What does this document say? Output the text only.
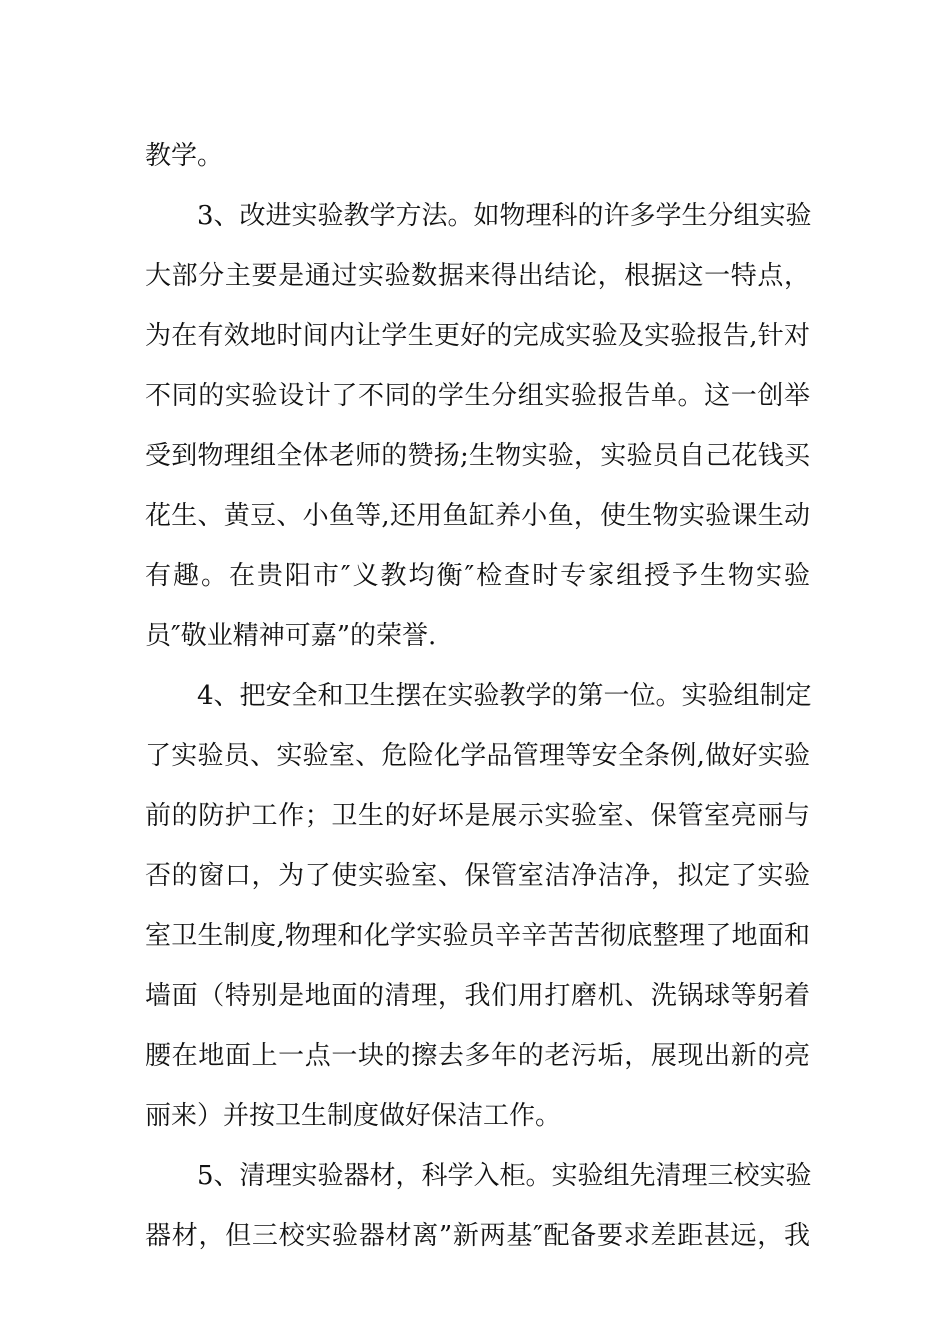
教学。
3、改进实验教学方法。如物理科的许多学生分组实验
大部分主要是通过实验数据来得出结论，根据这一特点，
为在有效地时间内让学生更好的完成实验及实验报告,针对
不同的实验设计了不同的学生分组实验报告单。这一创举
受到物理组全体老师的赞扬;生物实验，实验员自己花钱买
花生、黄豆、小鱼等,还用鱼缸养小鱼，使生物实验课生动
有趣。在贵阳市″义教均衡″检查时专家组授予生物实验
员″敬业精神可嘉”的荣誉.
4、把安全和卫生摆在实验教学的第一位。实验组制定
了实验员、实验室、危险化学品管理等安全条例,做好实验
前的防护工作；卫生的好坏是展示实验室、保管室亮丽与
否的窗口，为了使实验室、保管室洁净洁净，拟定了实验
室卫生制度,物理和化学实验员辛辛苦苦彻底整理了地面和
墙面（特别是地面的清理，我们用打磨机、洗锅球等躬着
腰在地面上一点一块的擦去多年的老污垢，展现出新的亮
丽来）并按卫生制度做好保洁工作。
5、清理实验器材，科学入柜。实验组先清理三校实验
器材，但三校实验器材离”新两基″配备要求差距甚远，我
